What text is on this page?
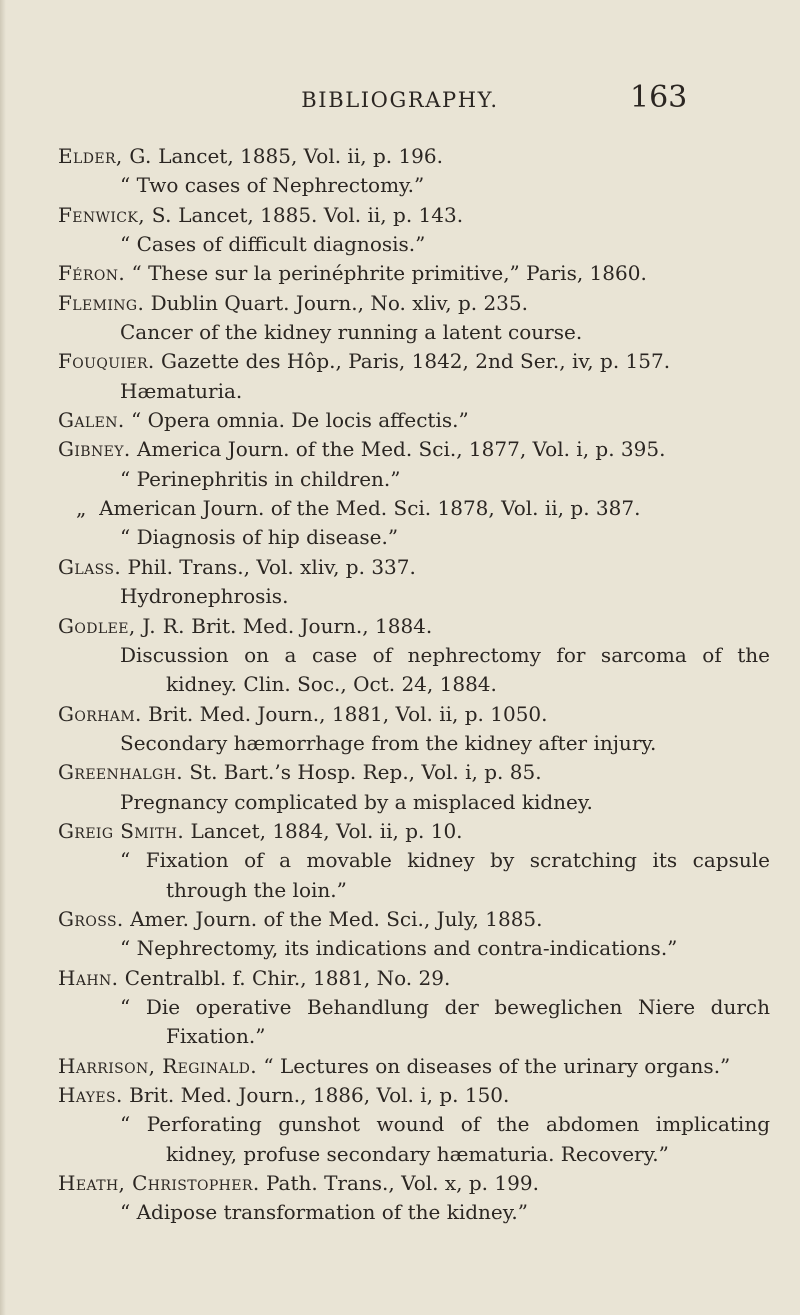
BIBLIOGRAPHY.	163
Elder, G. Lancet, 1885, Vol. ii, p. 196.
“ Two cases of Nephrectomy.”
Fenwick, S. Lancet, 1885. Vol. ii, p. 143.
“ Cases of difficult diagnosis.”
Féron. “ These sur la perinéphrite primitive,” Paris, 1860.
Fleming. Dublin Quart. Journ., No. xliv, p. 235.
Cancer of the kidney running a latent course.
Fouquier. Gazette des Hôp., Paris, 1842, 2nd Ser., iv, p. 157.
Hæmaturia.
Galen. “ Opera omnia. De locis affectis.”
Gibney. America Journ. of the Med. Sci., 1877, Vol. i, p. 395.
“ Perinephritis in children.”
„ American Journ. of the Med. Sci. 1878, Vol. ii, p. 387.
“ Diagnosis of hip disease.”
Glass. Phil. Trans., Vol. xliv, p. 337.
Hydronephrosis.
Godlee, J. R. Brit. Med. Journ., 1884.
Discussion on a case of nephrectomy for sarcoma of the
kidney. Clin. Soc., Oct. 24, 1884.
Gorham. Brit. Med. Journ., 1881, Vol. ii, p. 1050.
Secondary hæmorrhage from the kidney after injury.
Greenhalgh. St. Bart.’s Hosp. Rep., Vol. i, p. 85.
Pregnancy complicated by a misplaced kidney.
Greig Smith. Lancet, 1884, Vol. ii, p. 10.
“ Fixation of a movable kidney by scratching its capsule
through the loin.”
Gross. Amer. Journ. of the Med. Sci., July, 1885.
“ Nephrectomy, its indications and contra-indications.”
Hahn. Centralbl. f. Chir., 1881, No. 29.
“ Die operative Behandlung der beweglichen Niere durch
Fixation.”
Harrison, Reginald. “ Lectures on diseases of the urinary organs.”
Hayes. Brit. Med. Journ., 1886, Vol. i, p. 150.
“ Perforating gunshot wound of the abdomen implicating
kidney, profuse secondary hæmaturia. Recovery.”
Heath, Christopher. Path. Trans., Vol. x, p. 199.
“ Adipose transformation of the kidney.”
